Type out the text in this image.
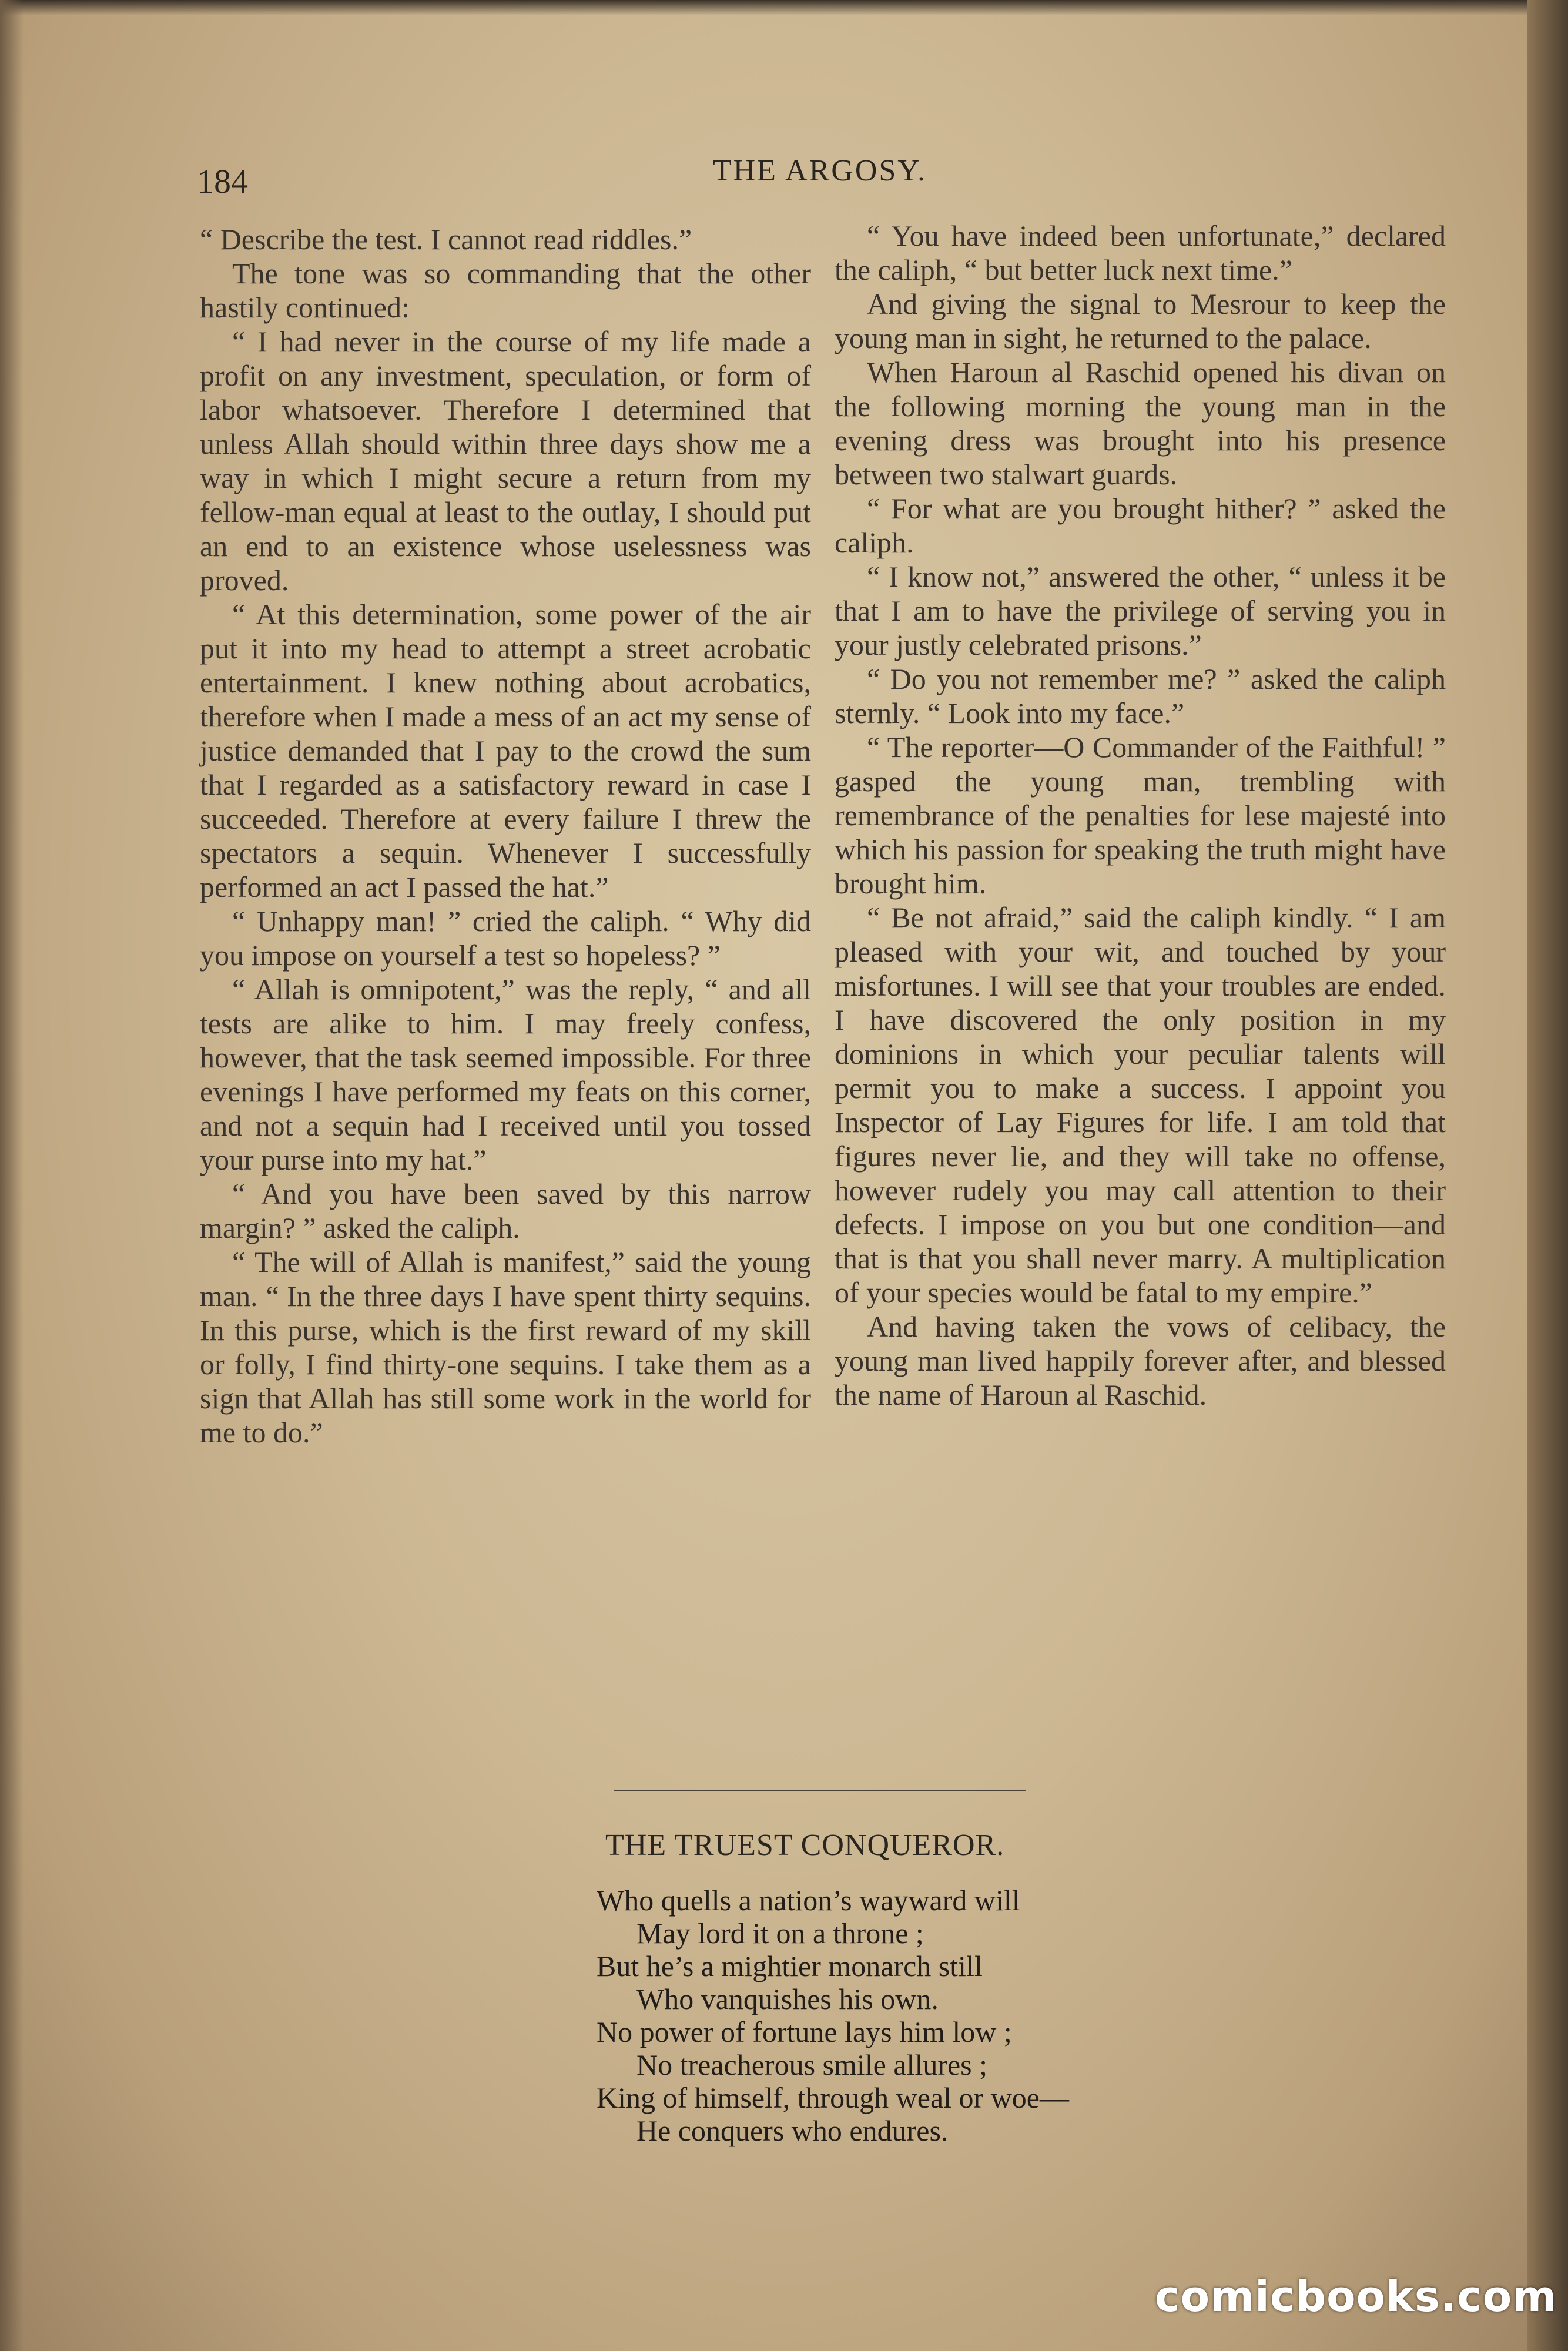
184	THE ARGOSY.

“ Describe the test. I cannot read riddles.”

The tone was so commanding that the other hastily continued:

“ I had never in the course of my life made a profit on any investment, speculation, or form of labor whatsoever. Therefore I determined that unless Allah should within three days show me a way in which I might secure a return from my fellow-man equal at least to the outlay, I should put an end to an existence whose uselessness was proved.

“ At this determination, some power of the air put it into my head to attempt a street acrobatic entertainment. I knew nothing about acrobatics, therefore when I made a mess of an act my sense of justice demanded that I pay to the crowd the sum that I regarded as a satisfactory reward in case I succeeded. Therefore at every failure I threw the spectators a sequin. Whenever I successfully performed an act I passed the hat.”

“ Unhappy man! ” cried the caliph. “ Why did you impose on yourself a test so hopeless? ”

“ Allah is omnipotent,” was the reply, “ and all tests are alike to him. I may freely confess, however, that the task seemed impossible. For three evenings I have performed my feats on this corner, and not a sequin had I received until you tossed your purse into my hat.”

“ And you have been saved by this narrow margin? ” asked the caliph.

“ The will of Allah is manifest,” said the young man. “ In the three days I have spent thirty sequins. In this purse, which is the first reward of my skill or folly, I find thirty-one sequins. I take them as a sign that Allah has still some work in the world for me to do.”

“ You have indeed been unfortunate,” declared the caliph, “ but better luck next time.”

And giving the signal to Mesrour to keep the young man in sight, he returned to the palace.

When Haroun al Raschid opened his divan on the following morning the young man in the evening dress was brought into his presence between two stalwart guards.

“ For what are you brought hither? ” asked the caliph.

“ I know not,” answered the other, “ unless it be that I am to have the privilege of serving you in your justly celebrated prisons.”

“ Do you not remember me? ” asked the caliph sternly. “ Look into my face.”

“ The reporter—O Commander of the Faithful! ” gasped the young man, trembling with remembrance of the penalties for lese majesté into which his passion for speaking the truth might have brought him.

“ Be not afraid,” said the caliph kindly. “ I am pleased with your wit, and touched by your misfortunes. I will see that your troubles are ended. I have discovered the only position in my dominions in which your peculiar talents will permit you to make a success. I appoint you Inspector of Lay Figures for life. I am told that figures never lie, and they will take no offense, however rudely you may call attention to their defects. I impose on you but one condition—and that is that you shall never marry. A multiplication of your species would be fatal to my empire.”

And having taken the vows of celibacy, the young man lived happily forever after, and blessed the name of Haroun al Raschid.

THE TRUEST CONQUEROR.
Who quells a nation’s wayward will
May lord it on a throne ;
But he’s a mightier monarch still
Who vanquishes his own.
No power of fortune lays him low ;
No treacherous smile allures ;
King of himself, through weal or woe—
He conquers who endures.
comicbooks.com
